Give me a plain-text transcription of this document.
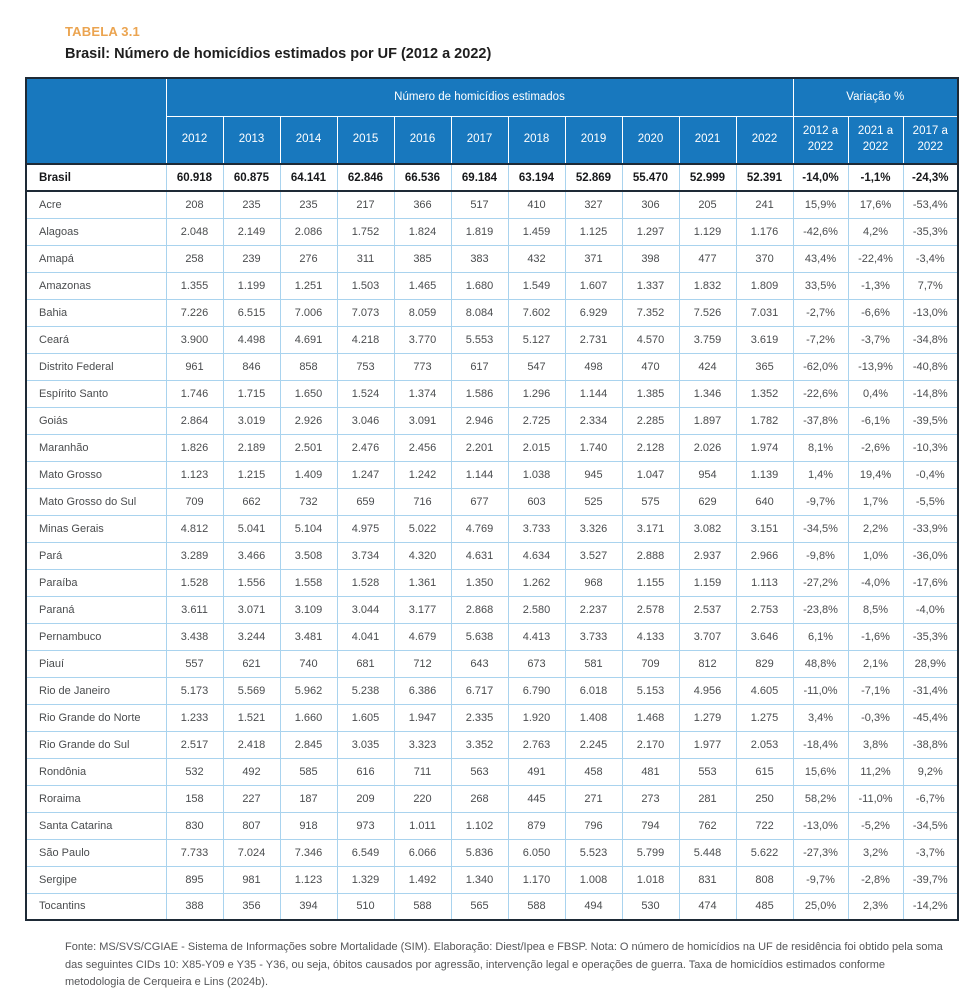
TABELA 3.1
Brasil: Número de homicídios estimados por UF (2012 a 2022)
	Número de homicídios estimados											Variação %		
	2012	2013	2014	2015	2016	2017	2018	2019	2020	2021	2022	2012 a 2022	2021 a 2022	2017 a 2022
Brasil	60.918	60.875	64.141	62.846	66.536	69.184	63.194	52.869	55.470	52.999	52.391	-14,0%	-1,1%	-24,3%
Acre	208	235	235	217	366	517	410	327	306	205	241	15,9%	17,6%	-53,4%
Alagoas	2.048	2.149	2.086	1.752	1.824	1.819	1.459	1.125	1.297	1.129	1.176	-42,6%	4,2%	-35,3%
Amapá	258	239	276	311	385	383	432	371	398	477	370	43,4%	-22,4%	-3,4%
Amazonas	1.355	1.199	1.251	1.503	1.465	1.680	1.549	1.607	1.337	1.832	1.809	33,5%	-1,3%	7,7%
Bahia	7.226	6.515	7.006	7.073	8.059	8.084	7.602	6.929	7.352	7.526	7.031	-2,7%	-6,6%	-13,0%
Ceará	3.900	4.498	4.691	4.218	3.770	5.553	5.127	2.731	4.570	3.759	3.619	-7,2%	-3,7%	-34,8%
Distrito Federal	961	846	858	753	773	617	547	498	470	424	365	-62,0%	-13,9%	-40,8%
Espírito Santo	1.746	1.715	1.650	1.524	1.374	1.586	1.296	1.144	1.385	1.346	1.352	-22,6%	0,4%	-14,8%
Goiás	2.864	3.019	2.926	3.046	3.091	2.946	2.725	2.334	2.285	1.897	1.782	-37,8%	-6,1%	-39,5%
Maranhão	1.826	2.189	2.501	2.476	2.456	2.201	2.015	1.740	2.128	2.026	1.974	8,1%	-2,6%	-10,3%
Mato Grosso	1.123	1.215	1.409	1.247	1.242	1.144	1.038	945	1.047	954	1.139	1,4%	19,4%	-0,4%
Mato Grosso do Sul	709	662	732	659	716	677	603	525	575	629	640	-9,7%	1,7%	-5,5%
Minas Gerais	4.812	5.041	5.104	4.975	5.022	4.769	3.733	3.326	3.171	3.082	3.151	-34,5%	2,2%	-33,9%
Pará	3.289	3.466	3.508	3.734	4.320	4.631	4.634	3.527	2.888	2.937	2.966	-9,8%	1,0%	-36,0%
Paraíba	1.528	1.556	1.558	1.528	1.361	1.350	1.262	968	1.155	1.159	1.113	-27,2%	-4,0%	-17,6%
Paraná	3.611	3.071	3.109	3.044	3.177	2.868	2.580	2.237	2.578	2.537	2.753	-23,8%	8,5%	-4,0%
Pernambuco	3.438	3.244	3.481	4.041	4.679	5.638	4.413	3.733	4.133	3.707	3.646	6,1%	-1,6%	-35,3%
Piauí	557	621	740	681	712	643	673	581	709	812	829	48,8%	2,1%	28,9%
Rio de Janeiro	5.173	5.569	5.962	5.238	6.386	6.717	6.790	6.018	5.153	4.956	4.605	-11,0%	-7,1%	-31,4%
Rio Grande do Norte	1.233	1.521	1.660	1.605	1.947	2.335	1.920	1.408	1.468	1.279	1.275	3,4%	-0,3%	-45,4%
Rio Grande do Sul	2.517	2.418	2.845	3.035	3.323	3.352	2.763	2.245	2.170	1.977	2.053	-18,4%	3,8%	-38,8%
Rondônia	532	492	585	616	711	563	491	458	481	553	615	15,6%	11,2%	9,2%
Roraima	158	227	187	209	220	268	445	271	273	281	250	58,2%	-11,0%	-6,7%
Santa Catarina	830	807	918	973	1.011	1.102	879	796	794	762	722	-13,0%	-5,2%	-34,5%
São Paulo	7.733	7.024	7.346	6.549	6.066	5.836	6.050	5.523	5.799	5.448	5.622	-27,3%	3,2%	-3,7%
Sergipe	895	981	1.123	1.329	1.492	1.340	1.170	1.008	1.018	831	808	-9,7%	-2,8%	-39,7%
Tocantins	388	356	394	510	588	565	588	494	530	474	485	25,0%	2,3%	-14,2%

Fonte: MS/SVS/CGIAE - Sistema de Informações sobre Mortalidade (SIM). Elaboração: Diest/Ipea e FBSP. Nota: O número de homicídios na UF de residência foi obtido pela soma das seguintes CIDs 10: X85-Y09 e Y35 - Y36, ou seja, óbitos causados por agressão, intervenção legal e operações de guerra. Taxa de homicídios estimados conforme metodologia de Cerqueira e Lins (2024b).
